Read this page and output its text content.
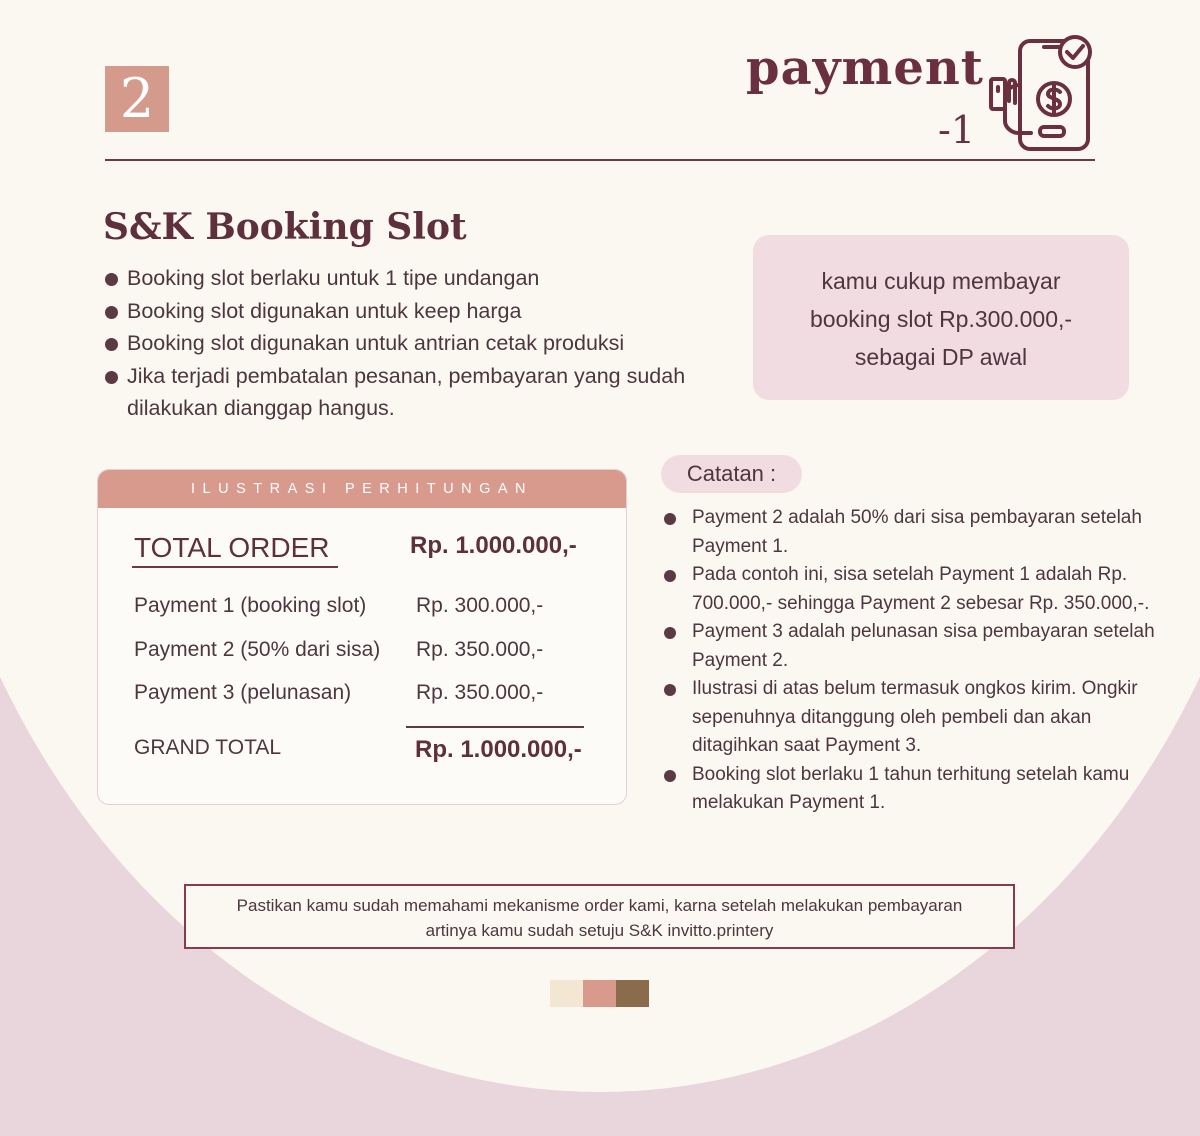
2	payment
-1
S&K Booking Slot
Booking slot berlaku untuk 1 tipe undangan
Booking slot digunakan untuk keep harga
Booking slot digunakan untuk antrian cetak produksi
Jika terjadi pembatalan pesanan, pembayaran yang sudah dilakukan dianggap hangus.
kamu cukup membayar
booking slot Rp.300.000,-
sebagai DP awal
ILUSTRASI PERHITUNGAN
TOTAL ORDER	Rp. 1.000.000,-
Payment 1 (booking slot) Rp. 300.000,-
Payment 2 (50% dari sisa) Rp. 350.000,-
Payment 3 (pelunasan)	Rp. 350.000,-
GRAND TOTAL	Rp. 1.000.000,-
Catatan :
Payment 2 adalah 50% dari sisa pembayaran setelah Payment 1.
Pada contoh ini, sisa setelah Payment 1 adalah Rp. 700.000,- sehingga Payment 2 sebesar Rp. 350.000,-.
Payment 3 adalah pelunasan sisa pembayaran setelah Payment 2.
Ilustrasi di atas belum termasuk ongkos kirim. Ongkir sepenuhnya ditanggung oleh pembeli dan akan ditagihkan saat Payment 3.
Booking slot berlaku 1 tahun terhitung setelah kamu melakukan Payment 1.
Pastikan kamu sudah memahami mekanisme order kami, karna setelah melakukan pembayaran
artinya kamu sudah setuju S&K invitto.printery
